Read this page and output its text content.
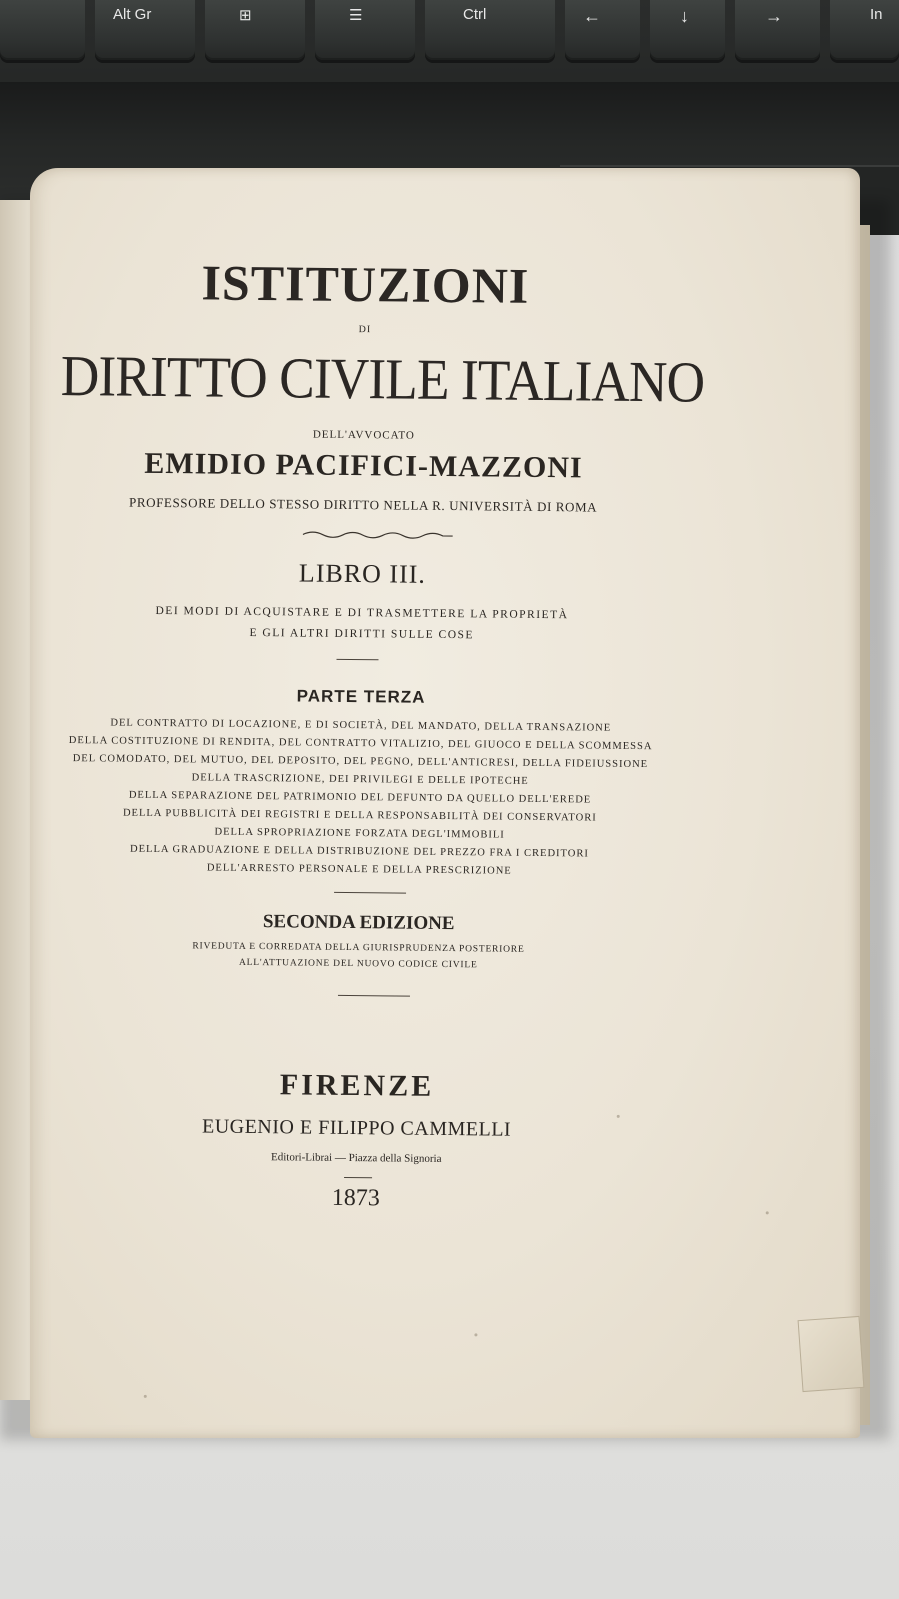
Alt Gr	⊞	☰	Ctrl	←	↓	→	In
ISTITUZIONI
DI
DIRITTO CIVILE ITALIANO
DELL'AVVOCATO
EMIDIO PACIFICI-MAZZONI
PROFESSORE DELLO STESSO DIRITTO NELLA R. UNIVERSITÀ DI ROMA
LIBRO III.
DEI MODI DI ACQUISTARE E DI TRASMETTERE LA PROPRIETÀ
E GLI ALTRI DIRITTI SULLE COSE
PARTE TERZA
DEL CONTRATTO DI LOCAZIONE, E DI SOCIETÀ, DEL MANDATO, DELLA TRANSAZIONE
DELLA COSTITUZIONE DI RENDITA, DEL CONTRATTO VITALIZIO, DEL GIUOCO E DELLA SCOMMESSA
DEL COMODATO, DEL MUTUO, DEL DEPOSITO, DEL PEGNO, DELL'ANTICRESI, DELLA FIDEIUSSIONE
DELLA TRASCRIZIONE, DEI PRIVILEGI E DELLE IPOTECHE
DELLA SEPARAZIONE DEL PATRIMONIO DEL DEFUNTO DA QUELLO DELL'EREDE
DELLA PUBBLICITÀ DEI REGISTRI E DELLA RESPONSABILITÀ DEI CONSERVATORI
DELLA SPROPRIAZIONE FORZATA DEGL'IMMOBILI
DELLA GRADUAZIONE E DELLA DISTRIBUZIONE DEL PREZZO FRA I CREDITORI
DELL'ARRESTO PERSONALE E DELLA PRESCRIZIONE
SECONDA EDIZIONE
RIVEDUTA E CORREDATA DELLA GIURISPRUDENZA POSTERIORE
ALL'ATTUAZIONE DEL NUOVO CODICE CIVILE
FIRENZE
EUGENIO E FILIPPO CAMMELLI
Editori-Librai — Piazza della Signoria
1873
